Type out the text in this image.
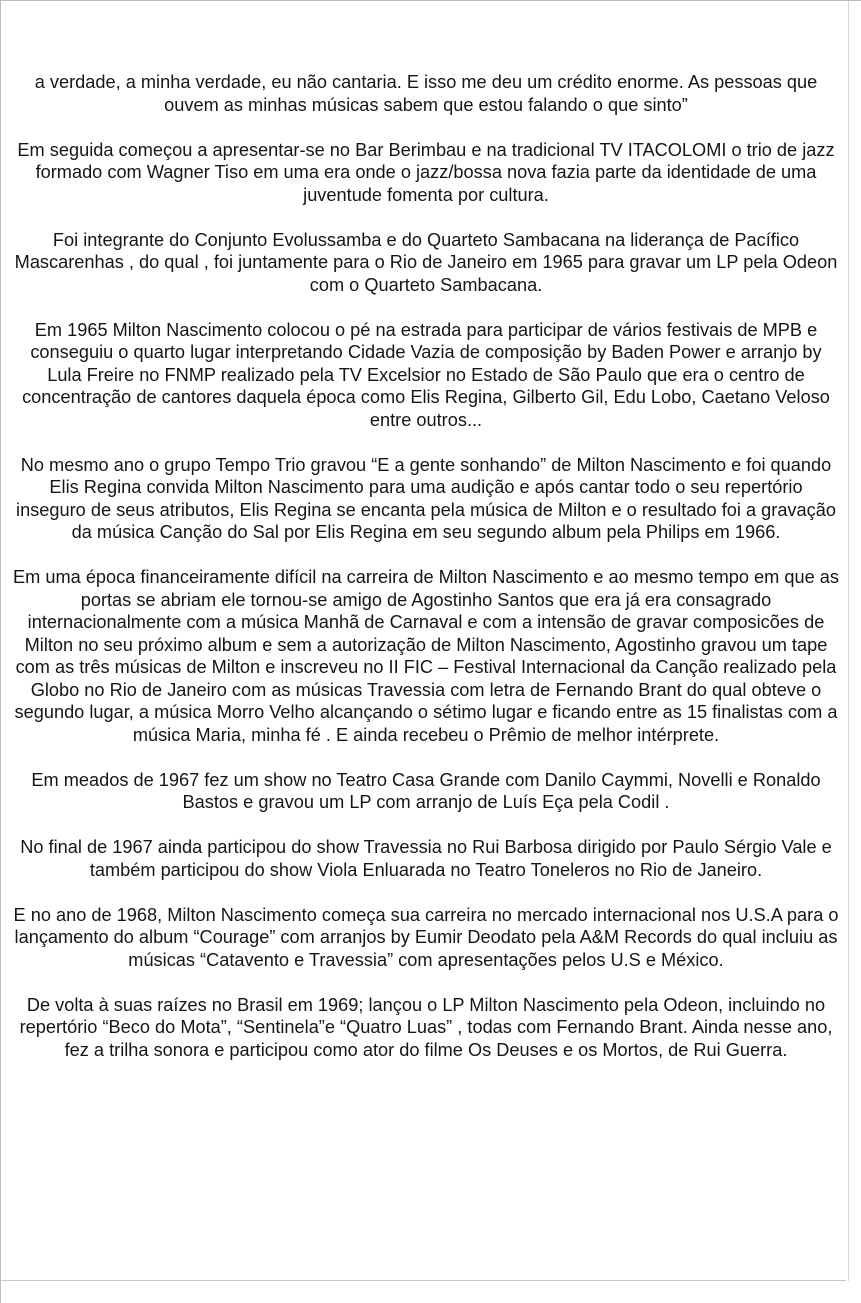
a verdade, a minha verdade, eu não cantaria. E isso me deu um crédito enorme. As pessoas que ouvem as minhas músicas sabem que estou falando o que sinto”

Em seguida começou a apresentar-se no Bar Berimbau e na tradicional TV ITACOLOMI o trio de jazz formado com Wagner Tiso em uma era onde o jazz/bossa nova fazia parte da identidade de uma juventude fomenta por cultura.

Foi integrante do Conjunto Evolussamba e do Quarteto Sambacana na liderança de Pacífico Mascarenhas , do qual , foi juntamente para o Rio de Janeiro em 1965 para gravar um LP pela Odeon com o Quarteto Sambacana.

Em 1965 Milton Nascimento colocou o pé na estrada para participar de vários festivais de MPB e conseguiu o quarto lugar interpretando Cidade Vazia de composição by Baden Power e arranjo by Lula Freire no FNMP realizado pela TV Excelsior no Estado de São Paulo que era o centro de concentração de cantores daquela época como Elis Regina, Gilberto Gil, Edu Lobo, Caetano Veloso entre outros...

No mesmo ano o grupo Tempo Trio gravou “E a gente sonhando” de Milton Nascimento e foi quando Elis Regina convida Milton Nascimento para uma audição e após cantar todo o seu repertório inseguro de seus atributos, Elis Regina se encanta pela música de Milton e o resultado foi a gravação da música Canção do Sal por Elis Regina em seu segundo album pela Philips em 1966.

Em uma época financeiramente difícil na carreira de Milton Nascimento e ao mesmo tempo em que as portas se abriam ele tornou-se amigo de Agostinho Santos que era já era consagrado internacionalmente com a música Manhã de Carnaval e com a intensão de gravar composicões de Milton no seu próximo album e sem a autorização de Milton Nascimento, Agostinho gravou um tape com as três músicas de Milton e inscreveu no II FIC – Festival Internacional da Canção realizado pela Globo no Rio de Janeiro com as músicas Travessia com letra de Fernando Brant do qual obteve o segundo lugar, a música Morro Velho alcançando o sétimo lugar e ficando entre as 15 finalistas com a música Maria, minha fé . E ainda recebeu o Prêmio de melhor intérprete.

Em meados de 1967 fez um show no Teatro Casa Grande com Danilo Caymmi, Novelli e Ronaldo Bastos e gravou um LP com arranjo de Luís Eça pela Codil .

No final de 1967 ainda participou do show Travessia no Rui Barbosa dirigido por Paulo Sérgio Vale e também participou do show Viola Enluarada no Teatro Toneleros no Rio de Janeiro.

E no ano de 1968, Milton Nascimento começa sua carreira no mercado internacional nos U.S.A para o lançamento do album “Courage” com arranjos by Eumir Deodato pela A&M Records do qual incluiu as músicas “Catavento e Travessia” com apresentações pelos U.S e México.

De volta à suas raízes no Brasil em 1969; lançou o LP Milton Nascimento pela Odeon, incluindo no repertório “Beco do Mota”, “Sentinela”e “Quatro Luas” , todas com Fernando Brant. Ainda nesse ano, fez a trilha sonora e participou como ator do filme Os Deuses e os Mortos, de Rui Guerra.
